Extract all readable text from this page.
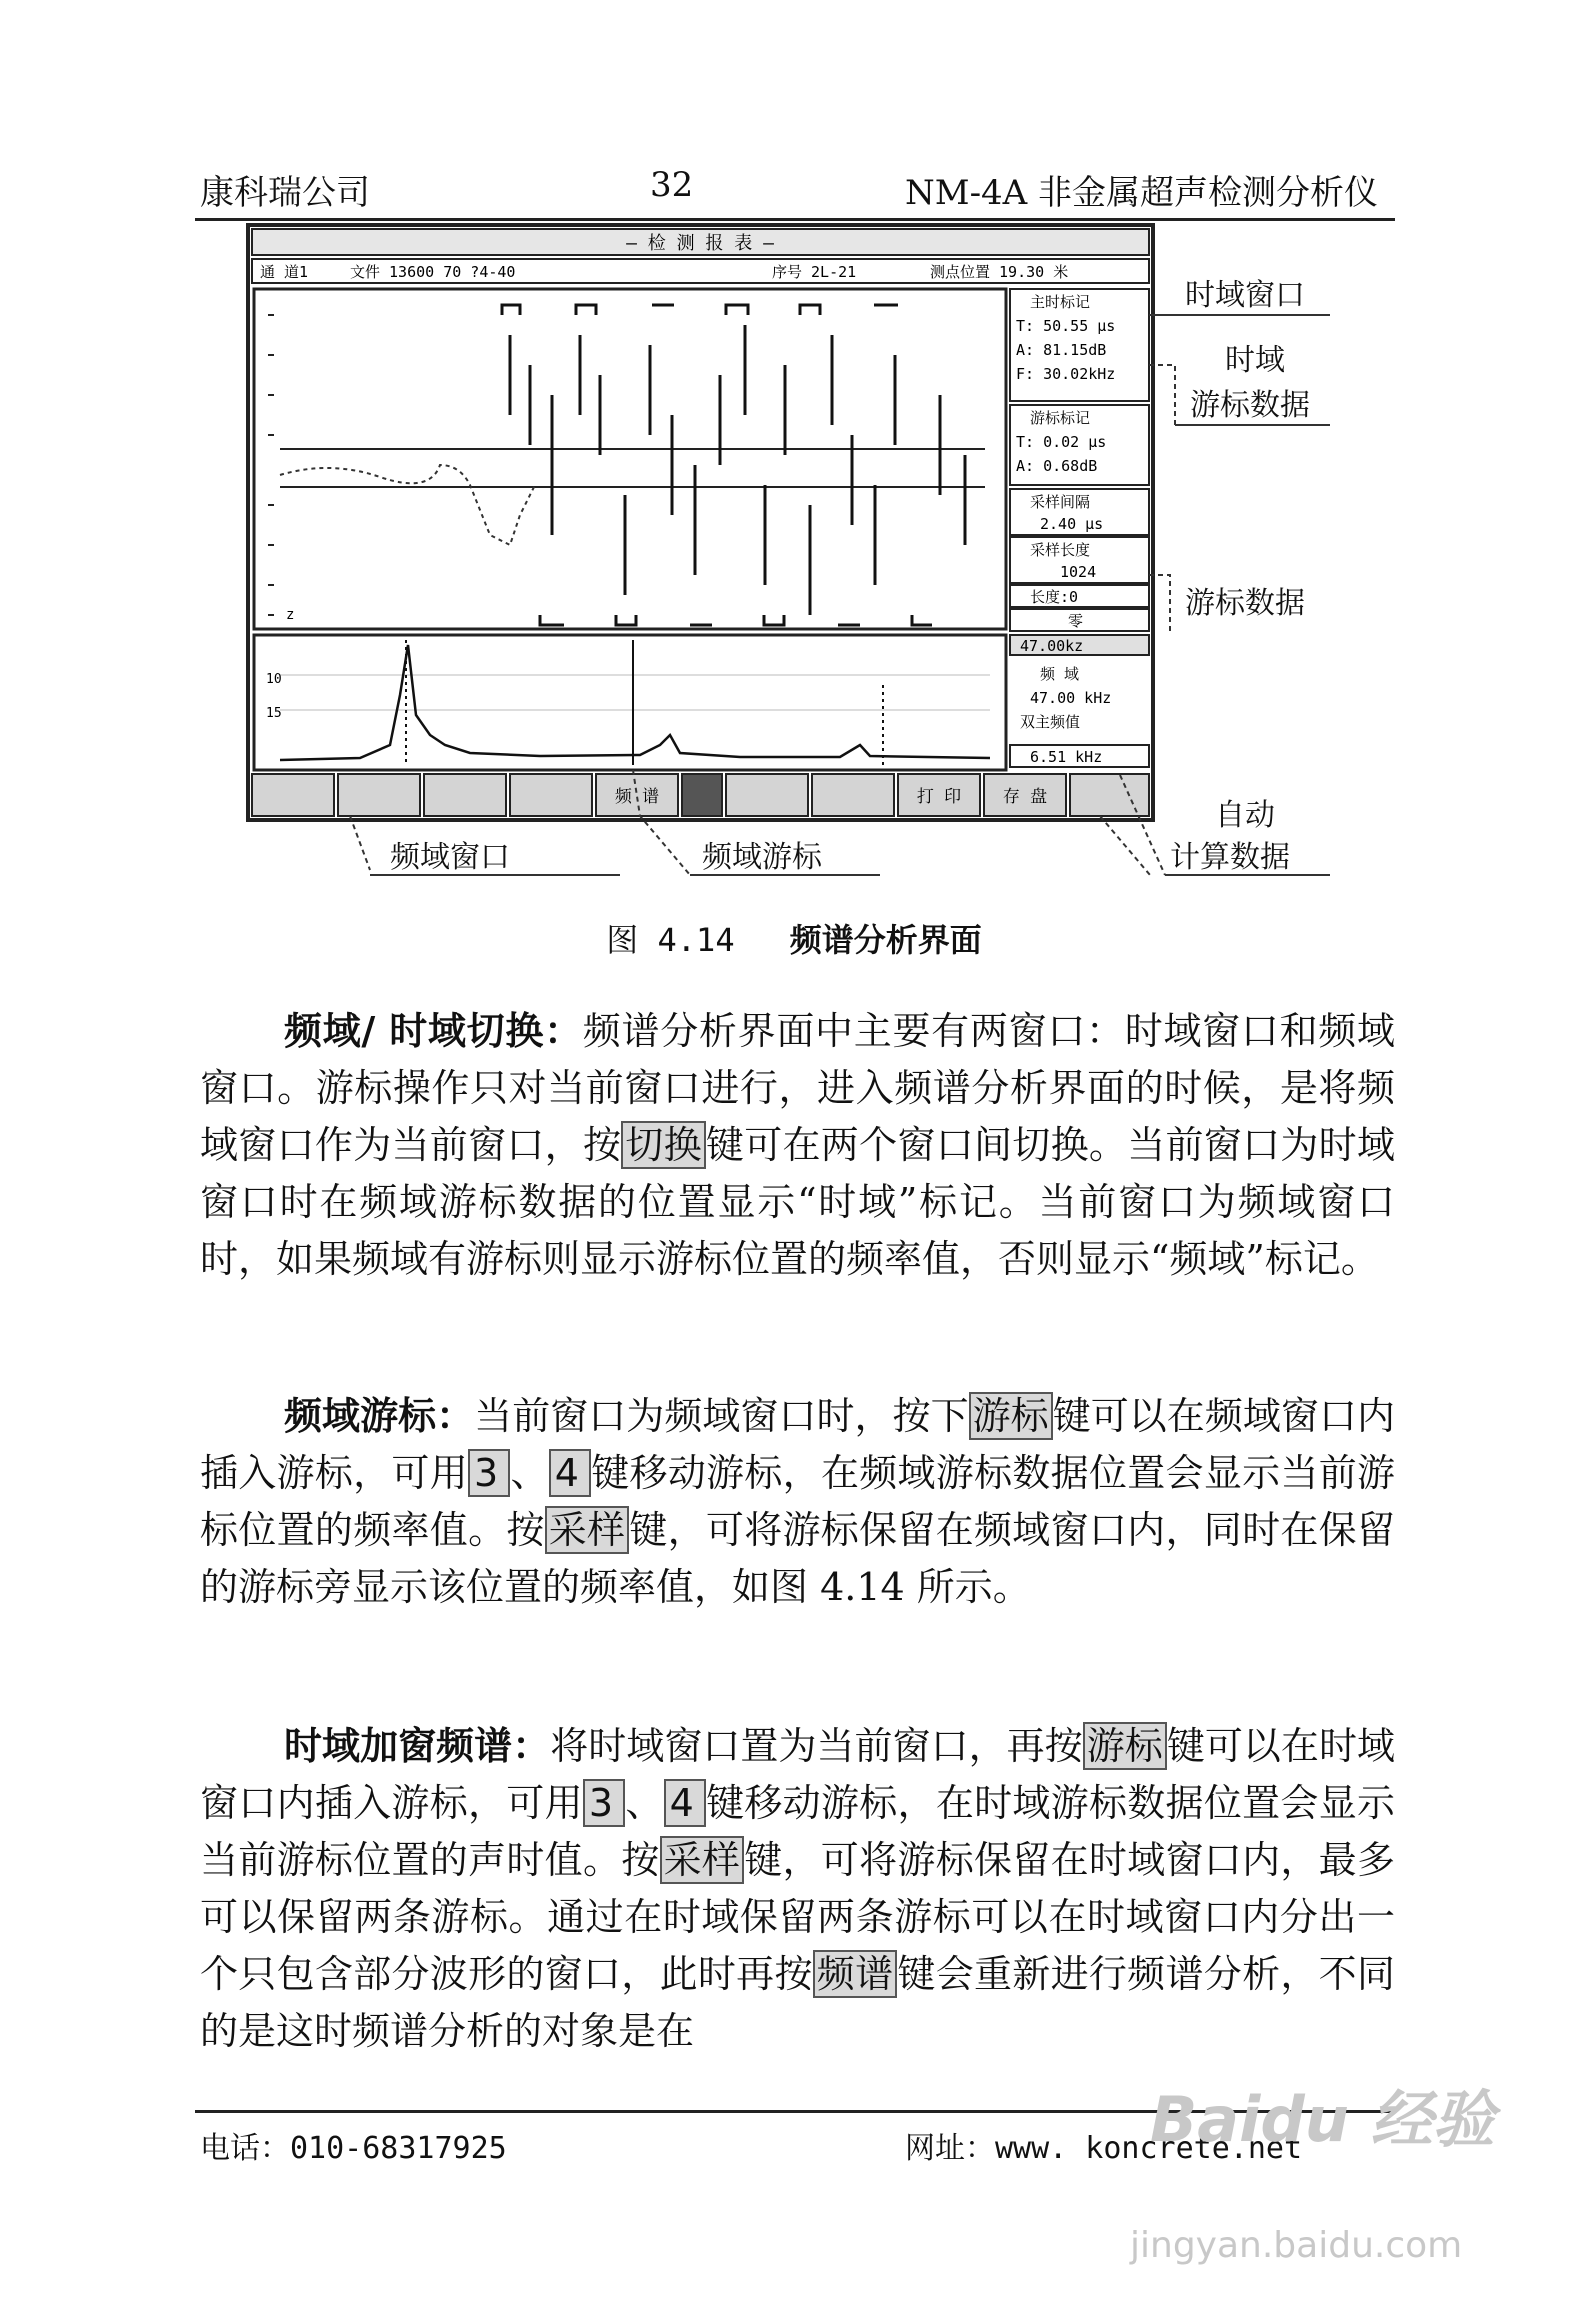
康科瑞公司	32	NM-4A 非金属超声检测分析仪
— 检 测 报 表 —
通 道1	文件 13600 70 ?4-40	序号 2L-21	测点位置 19.30 米
z
主时标记
T: 50.55 μs
A: 81.15dB
F: 30.02kHz
游标标记
T: 0.02 μs
A: 0.68dB
采样间隔
2.40 μs
采样长度
1024
长度:0
零
10
15
47.00kz
频 域
47.00 kHz
双主频值
6.51 kHz
频 谱	打 印 存 盘
时域窗口
时域
游标数据
游标数据
自动
计算数据
频域窗口	频域游标
图 4.14 频谱分析界面
频域/ 时域切换：频谱分析界面中主要有两窗口：时域窗口和频域窗口。游标操作只对当前窗口进行，进入频谱分析界面的时候，是将频域窗口作为当前窗口，按 切换 键可在两个窗口间切换。当前窗口为时域窗口时在频域游标数据的位置显示“时域”标记。当前窗口为频域窗口时，如果频域有游标则显示游标位置的频率值，否则显示“频域”标记。
频域游标：当前窗口为频域窗口时，按下 游标 键可以在频域窗口内插入游标，可用 3 、 4 键移动游标，在频域游标数据位置会显示当前游标位置的频率值。按 采样 键，可将游标保留在频域窗口内，同时在保留的游标旁显示该位置的频率值，如图 4.14 所示。
时域加窗频谱：将时域窗口置为当前窗口，再按 游标 键可以在时域窗口内插入游标，可用 3 、 4 键移动游标，在时域游标数据位置会显示当前游标位置的声时值。按 采样 键，可将游标保留在时域窗口内，最多可以保留两条游标。通过在时域保留两条游标可以在时域窗口内分出一个只包含部分波形的窗口，此时再按 频谱 键会重新进行频谱分析，不同的是这时频谱分析的对象是在
电话：010-68317925	网址：www. koncrete.net
Baidu 经验
jingyan.baidu.com
